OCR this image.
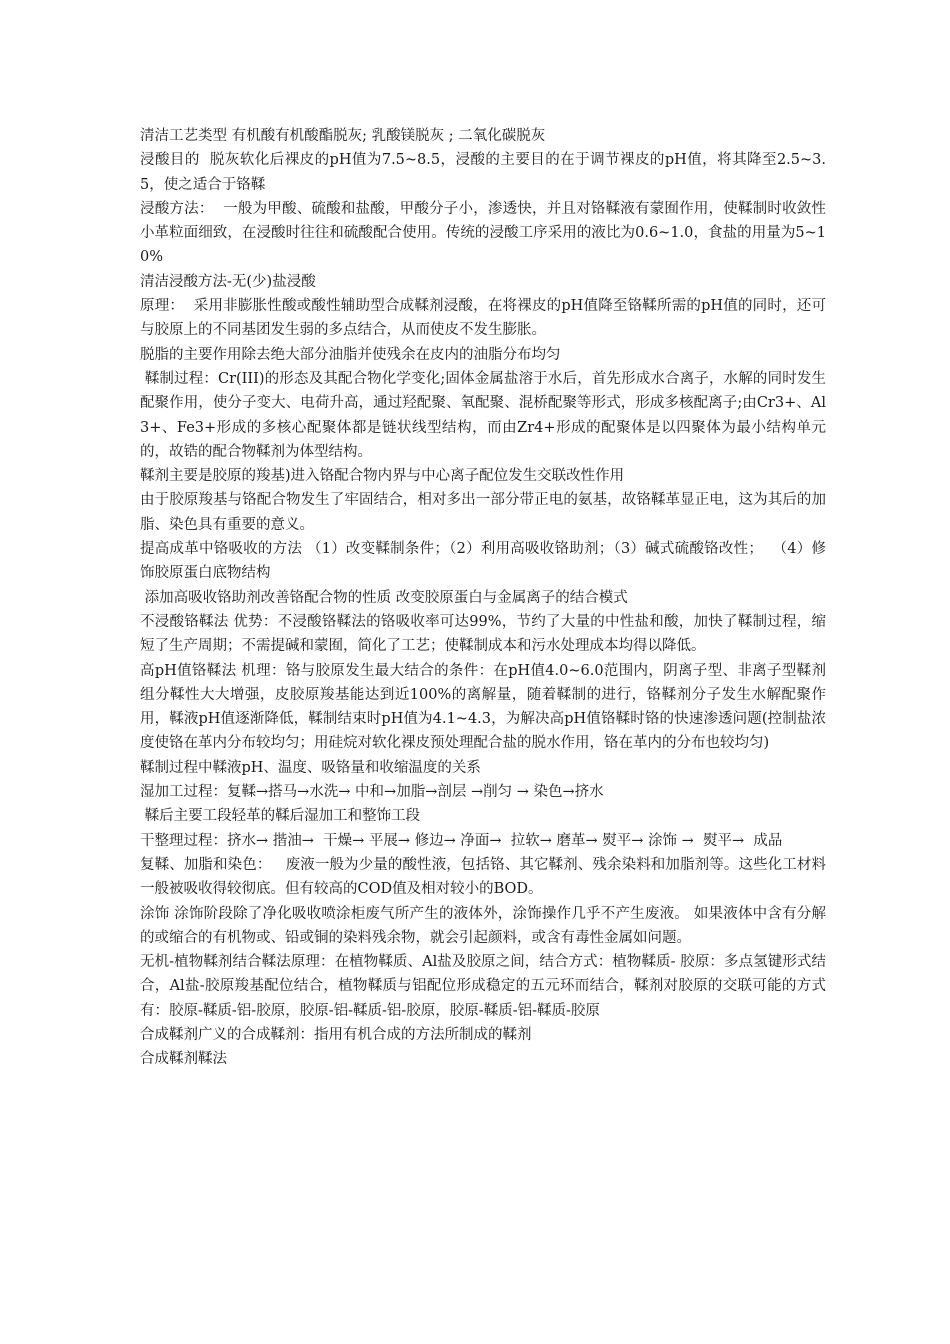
清洁工艺类型 有机酸有机酸酯脱灰; 乳酸镁脱灰 ; 二氧化碳脱灰

浸酸目的  脱灰软化后裸皮的pH值为7.5~8.5，浸酸的主要目的在于调节裸皮的pH值，将其降至2.5~3.5，使之适合于铬鞣

浸酸方法：  一般为甲酸、硫酸和盐酸，甲酸分子小，渗透快，并且对铬鞣液有蒙囿作用，使鞣制时收敛性小革粒面细致，在浸酸时往往和硫酸配合使用。传统的浸酸工序采用的液比为0.6~1.0，食盐的用量为5~10%

清洁浸酸方法-无(少)盐浸酸

原理：  采用非膨胀性酸或酸性辅助型合成鞣剂浸酸，在将裸皮的pH值降至铬鞣所需的pH值的同时，还可与胶原上的不同基团发生弱的多点结合，从而使皮不发生膨胀。

脱脂的主要作用除去绝大部分油脂并使残余在皮内的油脂分布均匀

鞣制过程：Cr(III)的形态及其配合物化学变化;固体金属盐溶于水后，首先形成水合离子，水解的同时发生配聚作用，使分子变大、电荷升高，通过羟配聚、氧配聚、混桥配聚等形式，形成多核配离子;由Cr3+、Al3+、Fe3+形成的多核心配聚体都是链状线型结构，而由Zr4+形成的配聚体是以四聚体为最小结构单元的，故锆的配合物鞣剂为体型结构。

鞣剂主要是胶原的羧基)进入铬配合物内界与中心离子配位发生交联改性作用

由于胶原羧基与铬配合物发生了牢固结合，相对多出一部分带正电的氨基，故铬鞣革显正电，这为其后的加脂、染色具有重要的意义。

提高成革中铬吸收的方法 （1）改变鞣制条件；（2）利用高吸收铬助剂；（3）碱式硫酸铬改性；  （4）修饰胶原蛋白底物结构

添加高吸收铬助剂改善铬配合物的性质 改变胶原蛋白与金属离子的结合模式

不浸酸铬鞣法 优势：不浸酸铬鞣法的铬吸收率可达99%，节约了大量的中性盐和酸，加快了鞣制过程，缩短了生产周期；不需提碱和蒙囿，简化了工艺；使鞣制成本和污水处理成本均得以降低。

高pH值铬鞣法 机理：铬与胶原发生最大结合的条件：在pH值4.0~6.0范围内，阴离子型、非离子型鞣剂组分鞣性大大增强，皮胶原羧基能达到近100%的离解量，随着鞣制的进行，铬鞣剂分子发生水解配聚作用，鞣液pH值逐渐降低，鞣制结束时pH值为4.1~4.3，为解决高pH值铬鞣时铬的快速渗透问题(控制盐浓度使铬在革内分布较均匀；用硅烷对软化裸皮预处理配合盐的脱水作用，铬在革内的分布也较均匀)

鞣制过程中鞣液pH、温度、吸铬量和收缩温度的关系

湿加工过程：复鞣→搭马→水洗→ 中和→加脂→剖层 →削匀 → 染色→挤水

鞣后主要工段轻革的鞣后湿加工和整饰工段

干整理过程：挤水→ 揩油→  干燥→ 平展→ 修边→ 净面→  拉软→ 磨革→ 熨平→ 涂饰 →  熨平→  成品

复鞣、加脂和染色：   废液一般为少量的酸性液，包括铬、其它鞣剂、残余染料和加脂剂等。这些化工材料一般被吸收得较彻底。但有较高的COD值及相对较小的BOD。

涂饰 涂饰阶段除了净化吸收喷涂柜废气所产生的液体外，涂饰操作几乎不产生废液。 如果液体中含有分解的或缩合的有机物或、铅或铜的染料残余物，就会引起颜料，或含有毒性金属如问题。

无机-植物鞣剂结合鞣法原理：在植物鞣质、Al盐及胶原之间，结合方式：植物鞣质- 胶原：多点氢键形式结合，Al盐-胶原羧基配位结合，植物鞣质与铝配位形成稳定的五元环而结合，鞣剂对胶原的交联可能的方式有：胶原-鞣质-铝-胶原，胶原-铝-鞣质-铝-胶原，胶原-鞣质-铝-鞣质-胶原

合成鞣剂广义的合成鞣剂：指用有机合成的方法所制成的鞣剂

合成鞣剂鞣法
